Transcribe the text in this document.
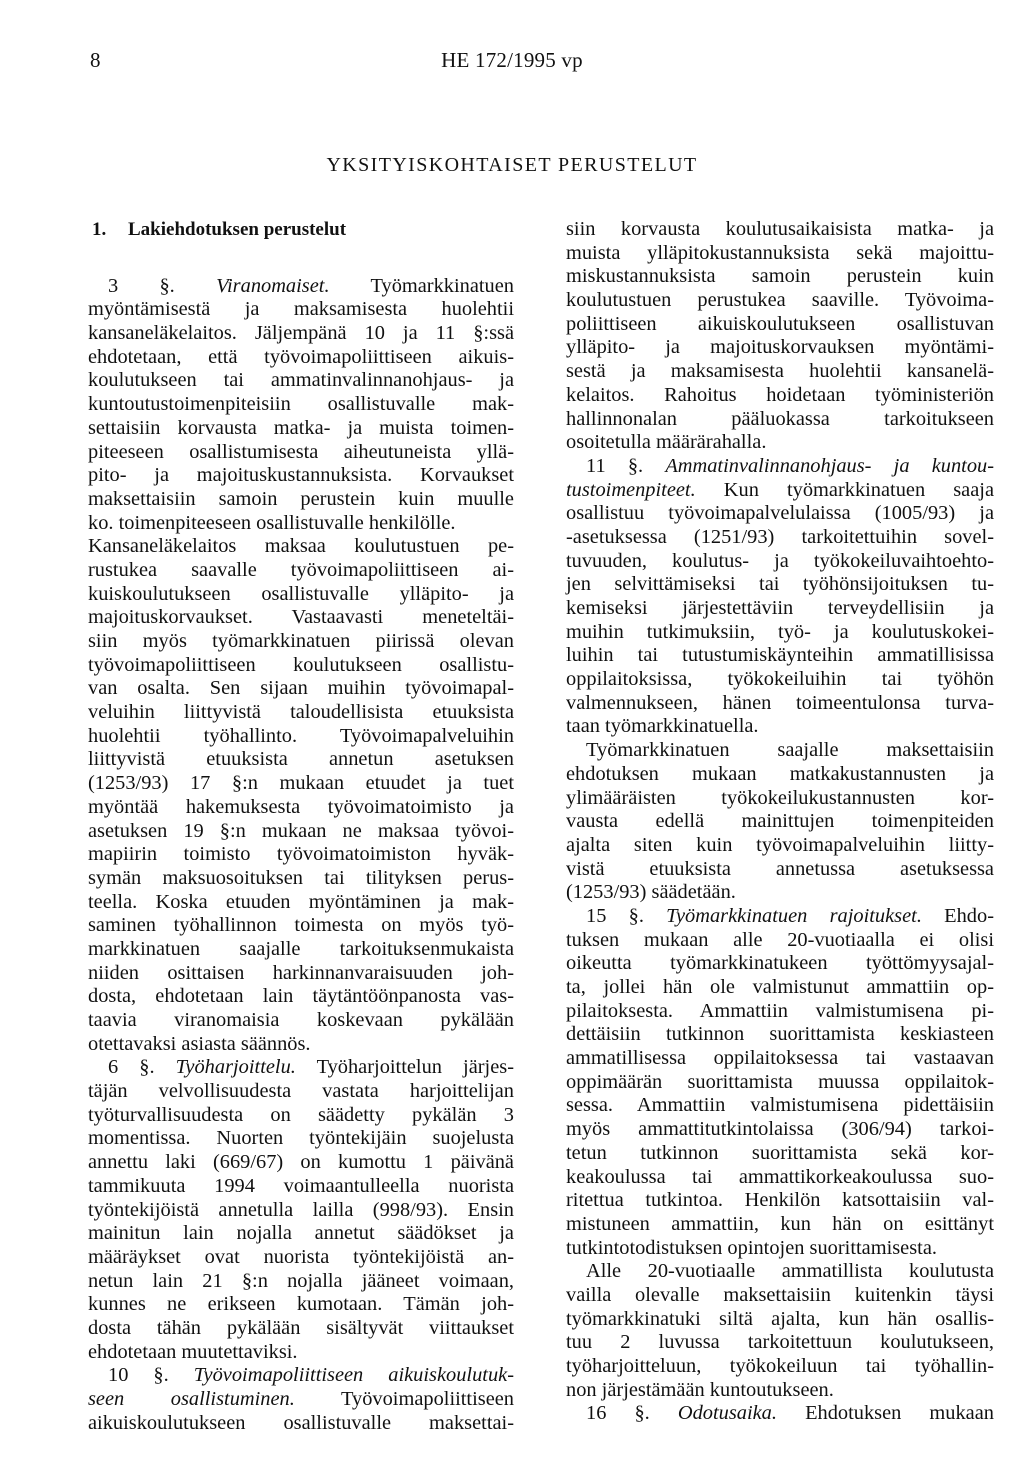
8	HE 172/1995 vp
YKSITYISKOHTAISET PERUSTELUT
1. Lakiehdotuksen perustelut
3 §. Viranomaiset. Työmarkkinatuen
myöntämisestä ja maksamisesta huolehtii
kansaneläkelaitos. Jäljempänä 10 ja 11 §:ssä
ehdotetaan, että työvoimapoliittiseen aikuis-
koulutukseen tai ammatinvalinnanohjaus- ja
kuntoutustoimenpiteisiin osallistuvalle mak-
settaisiin korvausta matka- ja muista toimen-
piteeseen osallistumisesta aiheutuneista yllä-
pito- ja majoituskustannuksista. Korvaukset
maksettaisiin samoin perustein kuin muulle
ko. toimenpiteeseen osallistuvalle henkilölle.
Kansaneläkelaitos maksaa koulutustuen pe-
rustukea saavalle työvoimapoliittiseen ai-
kuiskoulutukseen osallistuvalle ylläpito- ja
majoituskorvaukset. Vastaavasti meneteltäi-
siin myös työmarkkinatuen piirissä olevan
työvoimapoliittiseen koulutukseen osallistu-
van osalta. Sen sijaan muihin työvoimapal-
veluihin liittyvistä taloudellisista etuuksista
huolehtii työhallinto. Työvoimapalveluihin
liittyvistä etuuksista annetun asetuksen
(1253/93) 17 §:n mukaan etuudet ja tuet
myöntää hakemuksesta työvoimatoimisto ja
asetuksen 19 §:n mukaan ne maksaa työvoi-
mapiirin toimisto työvoimatoimiston hyväk-
symän maksuosoituksen tai tilityksen perus-
teella. Koska etuuden myöntäminen ja mak-
saminen työhallinnon toimesta on myös työ-
markkinatuen saajalle tarkoituksenmukaista
niiden osittaisen harkinnanvaraisuuden joh-
dosta, ehdotetaan lain täytäntöönpanosta vas-
taavia viranomaisia koskevaan pykälään
otettavaksi asiasta säännös.
6 §. Työharjoittelu. Työharjoittelun järjes-
täjän velvollisuudesta vastata harjoittelijan
työturvallisuudesta on säädetty pykälän 3
momentissa. Nuorten työntekijäin suojelusta
annettu laki (669/67) on kumottu 1 päivänä
tammikuuta 1994 voimaantulleella nuorista
työntekijöistä annetulla lailla (998/93). Ensin
mainitun lain nojalla annetut säädökset ja
määräykset ovat nuorista työntekijöistä an-
netun lain 21 §:n nojalla jääneet voimaan,
kunnes ne erikseen kumotaan. Tämän joh-
dosta tähän pykälään sisältyvät viittaukset
ehdotetaan muutettaviksi.
10 §. Työvoimapoliittiseen aikuiskoulutuk-
seen osallistuminen. Työvoimapoliittiseen
aikuiskoulutukseen osallistuvalle maksettai-
siin korvausta koulutusaikaisista matka- ja
muista ylläpitokustannuksista sekä majoittu-
miskustannuksista samoin perustein kuin
koulutustuen perustukea saaville. Työvoima-
poliittiseen aikuiskoulutukseen osallistuvan
ylläpito- ja majoituskorvauksen myöntämi-
sestä ja maksamisesta huolehtii kansanelä-
kelaitos. Rahoitus hoidetaan työministeriön
hallinnonalan pääluokassa tarkoitukseen
osoitetulla määrärahalla.
11 §. Ammatinvalinnanohjaus- ja kuntou-
tustoimenpiteet. Kun työmarkkinatuen saaja
osallistuu työvoimapalvelulaissa (1005/93) ja
-asetuksessa (1251/93) tarkoitettuihin sovel-
tuvuuden, koulutus- ja työkokeiluvaihtoehto-
jen selvittämiseksi tai työhönsijoituksen tu-
kemiseksi järjestettäviin terveydellisiin ja
muihin tutkimuksiin, työ- ja koulutuskokei-
luihin tai tutustumiskäynteihin ammatillisissa
oppilaitoksissa, työkokeiluihin tai työhön
valmennukseen, hänen toimeentulonsa turva-
taan työmarkkinatuella.
Työmarkkinatuen saajalle maksettaisiin
ehdotuksen mukaan matkakustannusten ja
ylimääräisten työkokeilukustannusten kor-
vausta edellä mainittujen toimenpiteiden
ajalta siten kuin työvoimapalveluihin liitty-
vistä etuuksista annetussa asetuksessa
(1253/93) säädetään.
15 §. Työmarkkinatuen rajoitukset. Ehdo-
tuksen mukaan alle 20-vuotiaalla ei olisi
oikeutta työmarkkinatukeen työttömyysajal-
ta, jollei hän ole valmistunut ammattiin op-
pilaitoksesta. Ammattiin valmistumisena pi-
dettäisiin tutkinnon suorittamista keskiasteen
ammatillisessa oppilaitoksessa tai vastaavan
oppimäärän suorittamista muussa oppilaitok-
sessa. Ammattiin valmistumisena pidettäisiin
myös ammattitutkintolaissa (306/94) tarkoi-
tetun tutkinnon suorittamista sekä kor-
keakoulussa tai ammattikorkeakoulussa suo-
ritettua tutkintoa. Henkilön katsottaisiin val-
mistuneen ammattiin, kun hän on esittänyt
tutkintotodistuksen opintojen suorittamisesta.
Alle 20-vuotiaalle ammatillista koulutusta
vailla olevalle maksettaisiin kuitenkin täysi
työmarkkinatuki siltä ajalta, kun hän osallis-
tuu 2 luvussa tarkoitettuun koulutukseen,
työharjoitteluun, työkokeiluun tai työhallin-
non järjestämään kuntoutukseen.
16 §. Odotusaika. Ehdotuksen mukaan
